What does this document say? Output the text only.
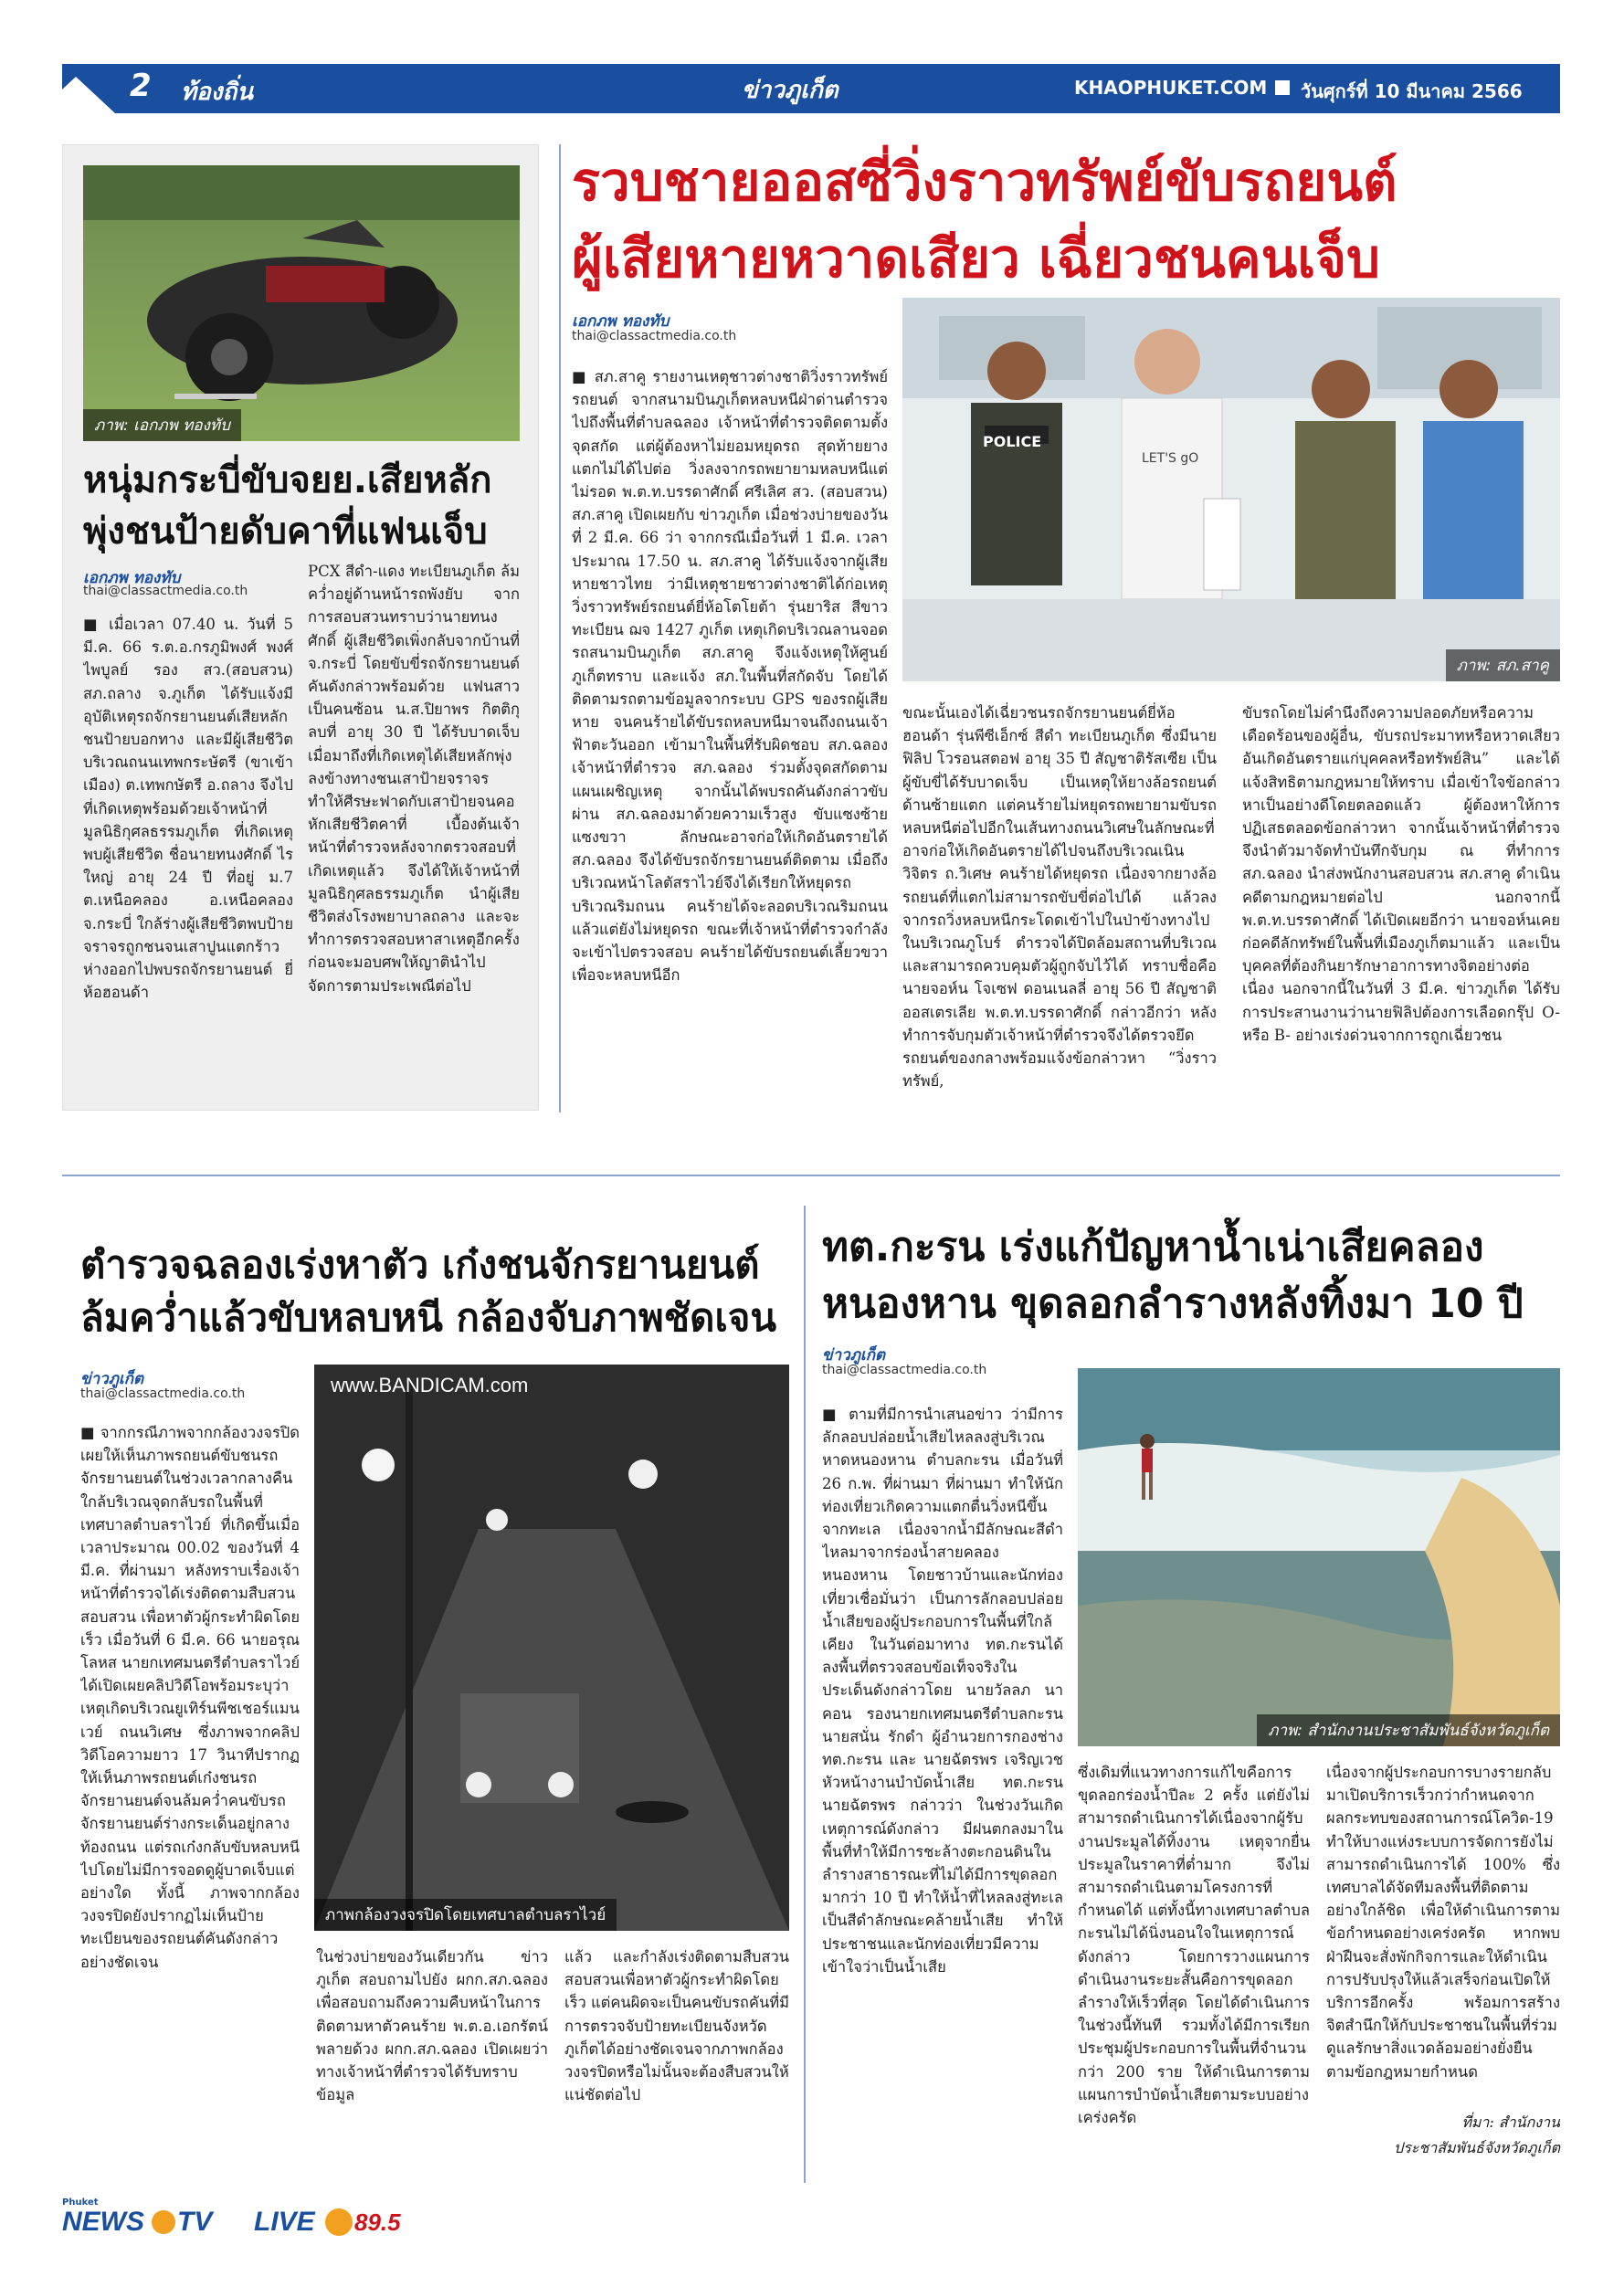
2 ท้องถิ่น	ข่าวภูเก็ต	KHAOPHUKET.COM วันศุกร์ที่ 10 มีนาคม 2566
ภาพ: เอกภพ ทองทับ
หนุ่มกระบี่ขับจยย.เสียหลัก
พุ่งชนป้ายดับคาที่แฟนเจ็บ
เอกภพ ทองทับ
thai@classactmedia.co.th
■ เมื่อเวลา 07.40 น. วันที่ 5 มี.ค. 66 ร.ต.อ.กรภูมิพงศ์ พงศ์ไพบูลย์ รอง สว.(สอบสวน) สภ.ถลาง จ.ภูเก็ต ได้รับแจ้งมีอุบัติเหตุรถจักรยานยนต์เสียหลักชนป้ายบอกทาง และมีผู้เสียชีวิตบริเวณถนนเทพกระษัตรี (ขาเข้าเมือง) ต.เทพกษัตรี อ.ถลาง จึงไปที่เกิดเหตุพร้อมด้วยเจ้าหน้าที่มูลนิธิกุศลธรรมภูเก็ต ที่เกิดเหตุพบผู้เสียชีวิต ชื่อนายทนงศักดิ์ ไรใหญ่ อายุ 24 ปี ที่อยู่ ม.7 ต.เหนือคลอง อ.เหนือคลอง จ.กระบี่ ใกล้ร่างผู้เสียชีวิตพบป้ายจราจรถูกชนจนเสาปูนแตกร้าว ห่างออกไปพบรถจักรยานยนต์ ยี่ห้อฮอนด้า
PCX สีดำ-แดง ทะเบียนภูเก็ต ล้มคว่ำอยู่ด้านหน้ารถพังยับ จากการสอบสวนทราบว่านายทนงศักดิ์ ผู้เสียชีวิตเพิ่งกลับจากบ้านที่ จ.กระบี่ โดยขับขี่รถจักรยานยนต์คันดังกล่าวพร้อมด้วย แฟนสาวเป็นคนซ้อน น.ส.ปิยาพร กิตติกุลบที่ อายุ 30 ปี ได้รับบาดเจ็บ เมื่อมาถึงที่เกิดเหตุได้เสียหลักพุ่งลงข้างทางชนเสาป้ายจราจร ทำให้ศีรษะฟาดกับเสาป้ายจนคอหักเสียชีวิตคาที่ เบื้องต้นเจ้าหน้าที่ตำรวจหลังจากตรวจสอบที่เกิดเหตุแล้ว จึงได้ให้เจ้าหน้าที่มูลนิธิกุศลธรรมภูเก็ต นำผู้เสียชีวิตส่งโรงพยาบาลถลาง และจะทำการตรวจสอบหาสาเหตุอีกครั้ง ก่อนจะมอบศพให้ญาตินำไปจัดการตามประเพณีต่อไป
รวบชายออสซี่วิ่งราวทรัพย์ขับรถยนต์
ผู้เสียหายหวาดเสียว เฉี่ยวชนคนเจ็บ
เอกภพ ทองทับ
thai@classactmedia.co.th
POLICE
LET'S gO
ภาพ: สภ.สาคู
■ สภ.สาคู รายงานเหตุชาวต่างชาติวิ่งราวทรัพย์รถยนต์ จากสนามบินภูเก็ตหลบหนีฝ่าด่านตำรวจไปถึงพื้นที่ตำบลฉลอง เจ้าหน้าที่ตำรวจติดตามตั้งจุดสกัด แต่ผู้ต้องหาไม่ยอมหยุดรถ สุดท้ายยางแตกไม่ได้ไปต่อ วิ่งลงจากรถพยายามหลบหนีแต่ไม่รอด พ.ต.ท.บรรดาศักดิ์ ศรีเลิศ สว. (สอบสวน) สภ.สาคู เปิดเผยกับ ข่าวภูเก็ต เมื่อช่วงบ่ายของวันที่ 2 มี.ค. 66 ว่า จากกรณีเมื่อวันที่ 1 มี.ค. เวลาประมาณ 17.50 น. สภ.สาคู ได้รับแจ้งจากผู้เสียหายชาวไทย ว่ามีเหตุชายชาวต่างชาติได้ก่อเหตุวิ่งราวทรัพย์รถยนต์ยี่ห้อโตโยต้า รุ่นยาริส สีขาว ทะเบียน ฌจ 1427 ภูเก็ต เหตุเกิดบริเวณลานจอดรถสนามบินภูเก็ต สภ.สาคู จึงแจ้งเหตุให้ศูนย์ภูเก็ตทราบ และแจ้ง สภ.ในพื้นที่สกัดจับ โดยได้ติดตามรถตามข้อมูลจากระบบ GPS ของรถผู้เสียหาย จนคนร้ายได้ขับรถหลบหนีมาจนถึงถนนเจ้าฟ้าตะวันออก เข้ามาในพื้นที่รับผิดชอบ สภ.ฉลอง เจ้าหน้าที่ตำรวจ สภ.ฉลอง ร่วมตั้งจุดสกัดตามแผนเผชิญเหตุ จากนั้นได้พบรถคันดังกล่าวขับผ่าน สภ.ฉลองมาด้วยความเร็วสูง ขับแซงซ้ายแซงขวา ลักษณะอาจก่อให้เกิดอันตรายได้ สภ.ฉลอง จึงได้ขับรถจักรยานยนต์ติดตาม เมื่อถึงบริเวณหน้าโลตัสราไวย์จึงได้เรียกให้หยุดรถบริเวณริมถนน คนร้ายได้จะลอดบริเวณริมถนนแล้วแต่ยังไม่หยุดรถ ขณะที่เจ้าหน้าที่ตำรวจกำลังจะเข้าไปตรวจสอบ คนร้ายได้ขับรถยนต์เลี้ยวขวาเพื่อจะหลบหนีอีก
ขณะนั้นเองได้เฉี่ยวชนรถจักรยานยนต์ยี่ห้อฮอนด้า รุ่นพีซีเอ็กซ์ สีดำ ทะเบียนภูเก็ต ซึ่งมีนายฟิลิป โวรอนสตอฟ อายุ 35 ปี สัญชาติรัสเซีย เป็นผู้ขับขี่ได้รับบาดเจ็บ เป็นเหตุให้ยางล้อรถยนต์ด้านซ้ายแตก แต่คนร้ายไม่หยุดรถพยายามขับรถหลบหนีต่อไปอีกในเส้นทางถนนวิเศษในลักษณะที่อาจก่อให้เกิดอันตรายได้ไปจนถึงบริเวณเนินวิจิตร ถ.วิเศษ คนร้ายได้หยุดรถ เนื่องจากยางล้อรถยนต์ที่แตกไม่สามารถขับขี่ต่อไปได้ แล้วลงจากรถวิ่งหลบหนีกระโดดเข้าไปในป่าข้างทางไปในบริเวณภูโบร์ ตำรวจได้ปิดล้อมสถานที่บริเวณและสามารถควบคุมตัวผู้ถูกจับไว้ได้ ทราบชื่อคือ นายจอห์น โจเซฟ ดอนเนลลี่ อายุ 56 ปี สัญชาติออสเตรเลีย พ.ต.ท.บรรดาศักดิ์ กล่าวอีกว่า หลังทำการจับกุมตัวเจ้าหน้าที่ตำรวจจึงได้ตรวจยึดรถยนต์ของกลางพร้อมแจ้งข้อกล่าวหา “วิ่งราวทรัพย์,
ขับรถโดยไม่คำนึงถึงความปลอดภัยหรือความเดือดร้อนของผู้อื่น, ขับรถประมาทหรือหวาดเสียวอันเกิดอันตรายแก่บุคคลหรือทรัพย์สิน” และได้แจ้งสิทธิตามกฎหมายให้ทราบ เมื่อเข้าใจข้อกล่าวหาเป็นอย่างดีโดยตลอดแล้ว ผู้ต้องหาให้การปฏิเสธตลอดข้อกล่าวหา จากนั้นเจ้าหน้าที่ตำรวจ จึงนำตัวมาจัดทำบันทึกจับกุม ณ ที่ทำการ สภ.ฉลอง นำส่งพนักงานสอบสวน สภ.สาคู ดำเนินคดีตามกฎหมายต่อไป นอกจากนี้ พ.ต.ท.บรรดาศักดิ์ ได้เปิดเผยอีกว่า นายจอห์นเคยก่อคดีลักทรัพย์ในพื้นที่เมืองภูเก็ตมาแล้ว และเป็นบุคคลที่ต้องกินยารักษาอาการทางจิตอย่างต่อเนื่อง นอกจากนี้ในวันที่ 3 มี.ค. ข่าวภูเก็ต ได้รับการประสานงานว่านายฟิลิปต้องการเลือดกรุ๊ป O- หรือ B- อย่างเร่งด่วนจากการถูกเฉี่ยวชน
ตำรวจฉลองเร่งหาตัว เก๋งชนจักรยานยนต์
ล้มคว่ำแล้วขับหลบหนี กล้องจับภาพชัดเจน
ข่าวภูเก็ต
thai@classactmedia.co.th	www.BANDICAM.com
ภาพกล้องวงจรปิดโดยเทศบาลตำบลราไวย์
■ จากกรณีภาพจากกล้องวงจรปิดเผยให้เห็นภาพรถยนต์ขับชนรถจักรยานยนต์ในช่วงเวลากลางคืน ใกล้บริเวณจุดกลับรถในพื้นที่เทศบาลตำบลราไวย์ ที่เกิดขึ้นเมื่อเวลาประมาณ 00.02 ของวันที่ 4 มี.ค. ที่ผ่านมา หลังทราบเรื่องเจ้าหน้าที่ตำรวจได้เร่งติดตามสืบสวนสอบสวน เพื่อหาตัวผู้กระทำผิดโดยเร็ว เมื่อวันที่ 6 มี.ค. 66 นายอรุณ โลหส นายกเทศมนตรีตำบลราไวย์ ได้เปิดเผยคลิปวิดีโอพร้อมระบุว่าเหตุเกิดบริเวณยูเทิร์นพีชเชอร์แมนเวย์ ถนนวิเศษ ซึ่งภาพจากคลิปวิดีโอความยาว 17 วินาทีปรากฏให้เห็นภาพรถยนต์เก๋งชนรถจักรยานยนต์จนล้มคว่ำคนขับรถจักรยานยนต์ร่างกระเด็นอยู่กลางท้องถนน แต่รถเก๋งกลับขับหลบหนีไปโดยไม่มีการจอดดูผู้บาดเจ็บแต่อย่างใด ทั้งนี้ ภาพจากกล้องวงจรปิดยังปรากฏไม่เห็นป้ายทะเบียนของรถยนต์คันดังกล่าวอย่างชัดเจน	ในช่วงบ่ายของวันเดียวกัน ข่าวภูเก็ต สอบถามไปยัง ผกก.สภ.ฉลอง เพื่อสอบถามถึงความคืบหน้าในการติดตามหาตัวคนร้าย พ.ต.อ.เอกรัตน์ พลายด้วง ผกก.สภ.ฉลอง เปิดเผยว่า ทางเจ้าหน้าที่ตำรวจได้รับทราบข้อมูล
แล้ว และกำลังเร่งติดตามสืบสวนสอบสวนเพื่อหาตัวผู้กระทำผิดโดยเร็ว แต่คนผิดจะเป็นคนขับรถคันที่มีการตรวจจับป้ายทะเบียนจังหวัดภูเก็ตได้อย่างชัดเจนจากภาพกล้องวงจรปิดหรือไม่นั้นจะต้องสืบสวนให้แน่ชัดต่อไป
ทต.กะรน เร่งแก้ปัญหาน้ำเน่าเสียคลอง
หนองหาน ขุดลอกลำรางหลังทิ้งมา 10 ปี
ข่าวภูเก็ต
thai@classactmedia.co.th
ภาพ: สำนักงานประชาสัมพันธ์จังหวัดภูเก็ต
■ ตามที่มีการนำเสนอข่าว ว่ามีการลักลอบปล่อยน้ำเสียไหลลงสู่บริเวณหาดหนองหาน ตำบลกะรน เมื่อวันที่ 26 ก.พ. ที่ผ่านมา ที่ผ่านมา ทำให้นักท่องเที่ยวเกิดความแตกตื่นวิ่งหนีขึ้นจากทะเล เนื่องจากน้ำมีลักษณะสีดำไหลมาจากร่องน้ำสายคลองหนองหาน โดยชาวบ้านและนักท่องเที่ยวเชื่อมั่นว่า เป็นการลักลอบปล่อยน้ำเสียของผู้ประกอบการในพื้นที่ใกล้เคียง ในวันต่อมาทาง ทต.กะรนได้ลงพื้นที่ตรวจสอบข้อเท็จจริงในประเด็นดังกล่าวโดย นายวัลลภ นาคอน รองนายกเทศมนตรีตำบลกะรน นายสนั่น รักดำ ผู้อำนวยการกองช่าง ทต.กะรน และ นายฉัตรพร เจริญเวช หัวหน้างานบำบัดน้ำเสีย ทต.กะรน นายฉัตรพร กล่าวว่า ในช่วงวันเกิดเหตุการณ์ดังกล่าว มีฝนตกลงมาในพื้นที่ทำให้มีการชะล้างตะกอนดินในลำรางสาธารณะที่ไม่ได้มีการขุดลอกมากว่า 10 ปี ทำให้น้ำที่ไหลลงสู่ทะเลเป็นสีดำลักษณะคล้ายน้ำเสีย ทำให้ประชาชนและนักท่องเที่ยวมีความเข้าใจว่าเป็นน้ำเสีย
ซึ่งเดิมที่แนวทางการแก้ไขคือการขุดลอกร่องน้ำปีละ 2 ครั้ง แต่ยังไม่สามารถดำเนินการได้เนื่องจากผู้รับงานประมูลได้ทิ้งงาน เหตุจากยื่นประมูลในราคาที่ต่ำมาก จึงไม่สามารถดำเนินตามโครงการที่กำหนดได้ แต่ทั้งนี้ทางเทศบาลตำบลกะรนไม่ได้นิ่งนอนใจในเหตุการณ์ดังกล่าว โดยการวางแผนการดำเนินงานระยะสั้นคือการขุดลอกลำรางให้เร็วที่สุด โดยได้ดำเนินการในช่วงนี้ทันที รวมทั้งได้มีการเรียกประชุมผู้ประกอบการในพื้นที่จำนวนกว่า 200 ราย ให้ดำเนินการตามแผนการบำบัดน้ำเสียตามระบบอย่างเคร่งครัด
เนื่องจากผู้ประกอบการบางรายกลับมาเปิดบริการเร็วกว่ากำหนดจากผลกระทบของสถานการณ์โควิด-19 ทำให้บางแห่งระบบการจัดการยังไม่สามารถดำเนินการได้ 100% ซึ่งเทศบาลได้จัดทีมลงพื้นที่ติดตามอย่างใกล้ชิด เพื่อให้ดำเนินการตามข้อกำหนดอย่างเคร่งครัด หากพบฝ่าฝืนจะสั่งพักกิจการและให้ดำเนินการปรับปรุงให้แล้วเสร็จก่อนเปิดให้บริการอีกครั้ง พร้อมการสร้างจิตสำนึกให้กับประชาชนในพื้นที่ร่วมดูแลรักษาสิ่งแวดล้อมอย่างยั่งยืนตามข้อกฎหมายกำหนด
ที่มา: สำนักงาน
ประชาสัมพันธ์จังหวัดภูเก็ต
Phuket
NEWS TV LIVE 89.5
